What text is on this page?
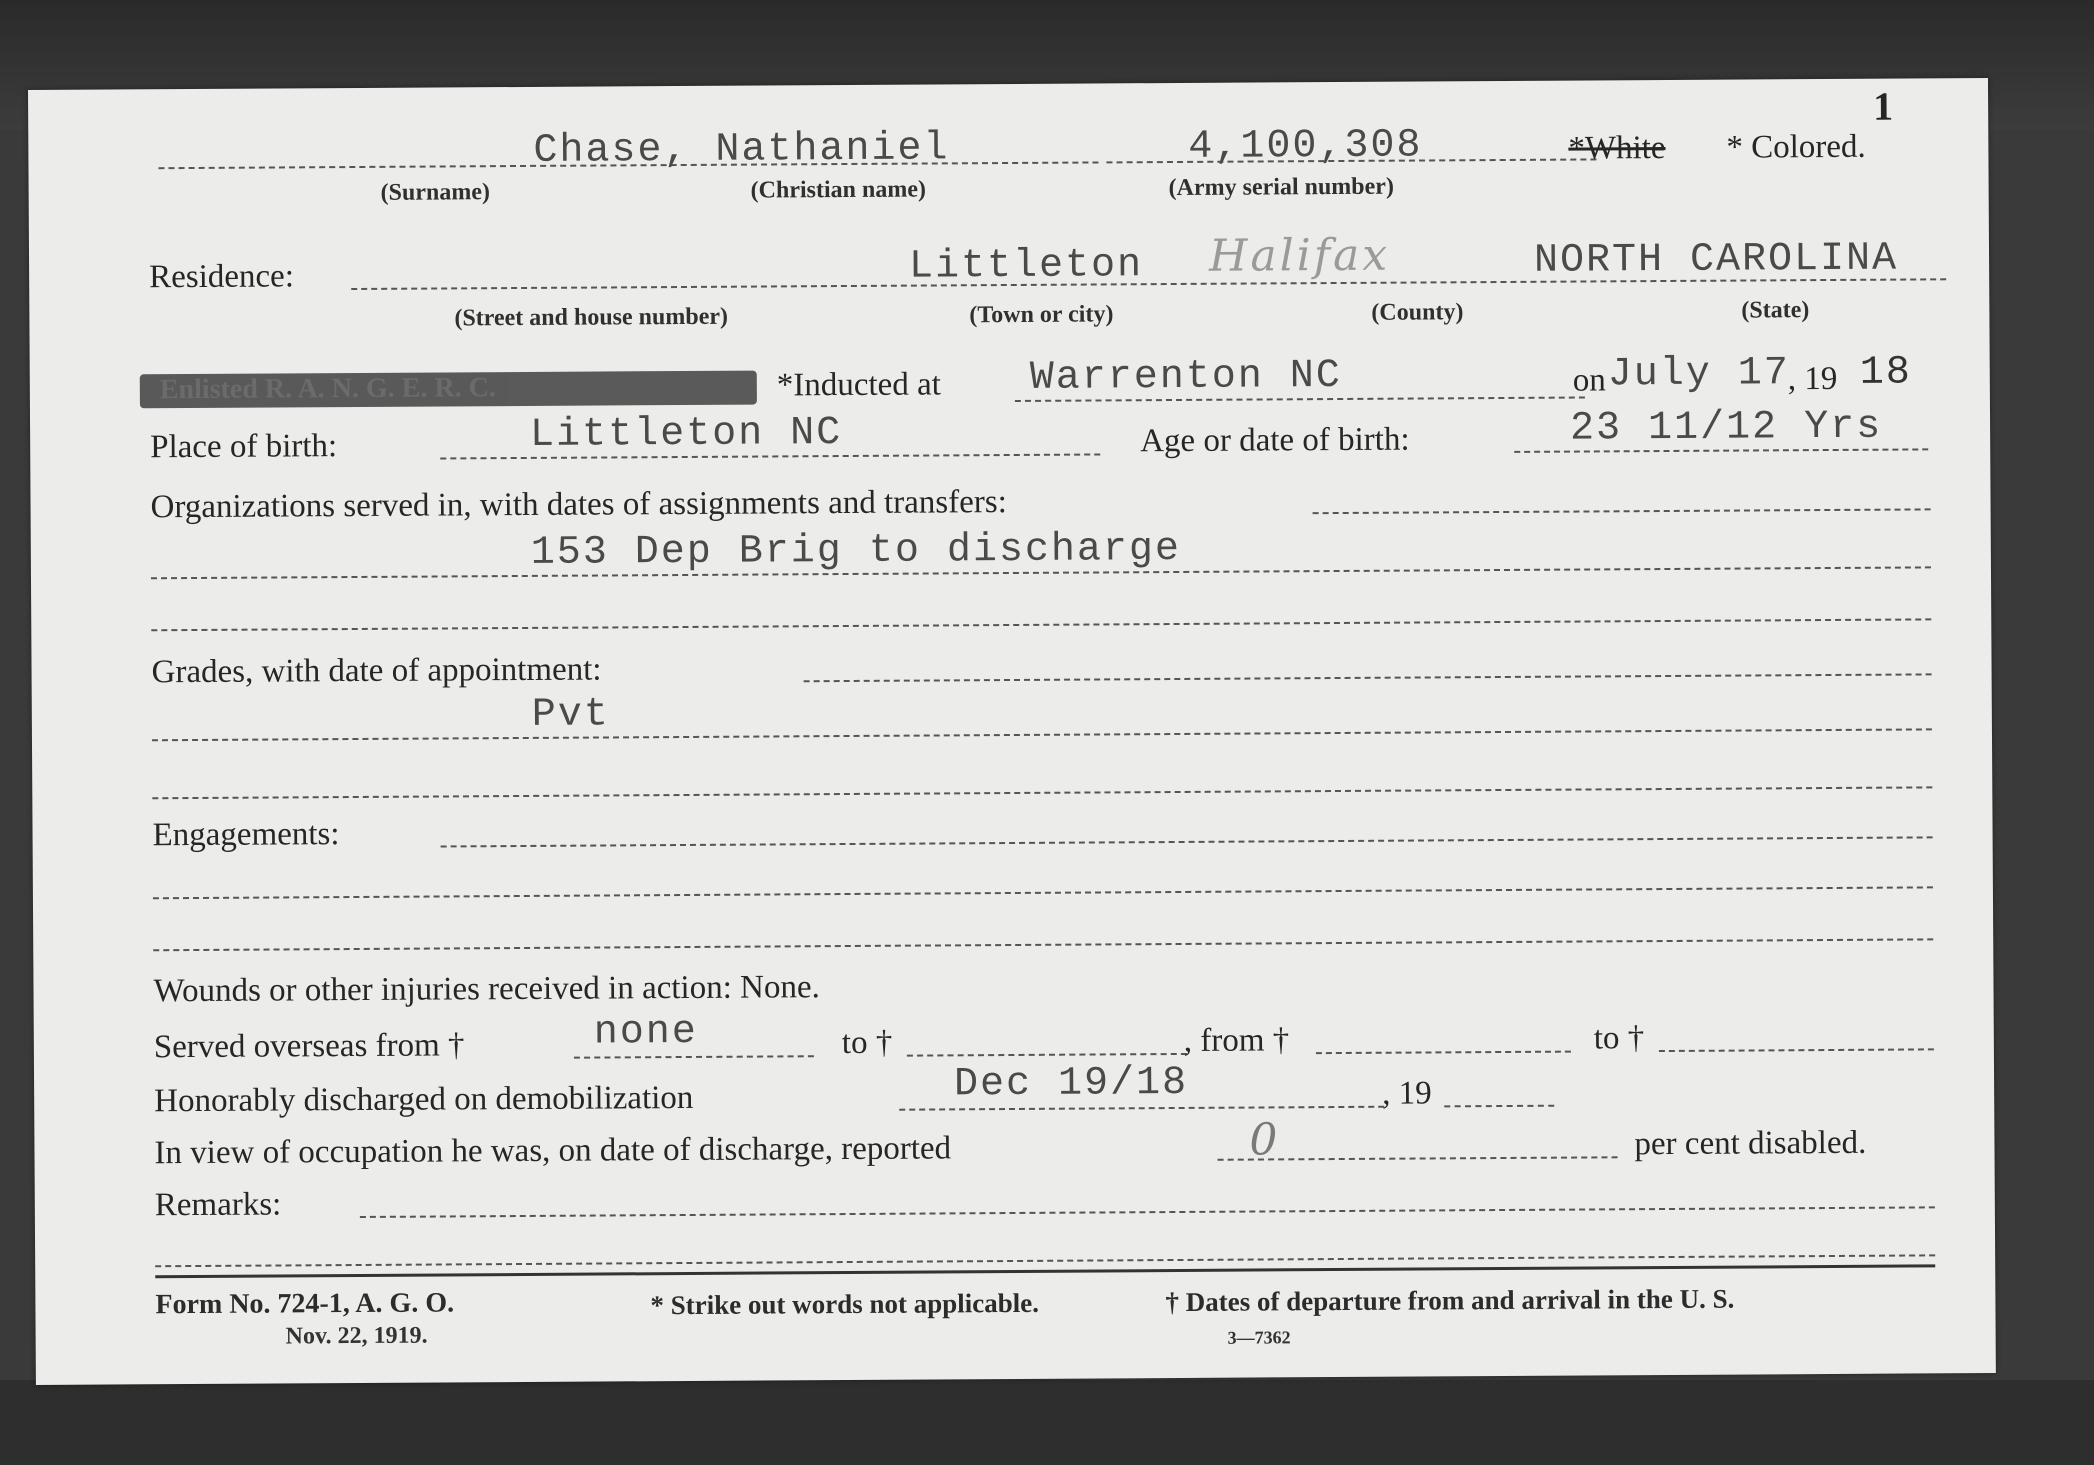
1
Chase, Nathaniel
(Surname)	(Christian name)
4,100,308
(Army serial number)
*White * Colored.
Residence:
(Street and house number)
Littleton
(Town or city)
Halifax
(County)
NORTH CAROLINA
(State)
Enlisted R. A. N. G. E. R. C.	*Inducted at Warrenton NC	on July 17
, 19 18
Place of birth:	Littleton NC	Age or date of birth:	23 11/12 Yrs
Organizations served in, with dates of assignments and transfers:
153 Dep Brig to discharge
Grades, with date of appointment:
Pvt
Engagements:
Wounds or other injuries received in action: None.
Served overseas from †	none	to †	, from †	to †
Honorably discharged on demobilization	Dec 19/18	, 19
In view of occupation he was, on date of discharge, reported	0	per cent disabled.
Remarks:
Form No. 724-1, A. G. O.
Nov. 22, 1919.
* Strike out words not applicable.	† Dates of departure from and arrival in the U. S.
3—7362
